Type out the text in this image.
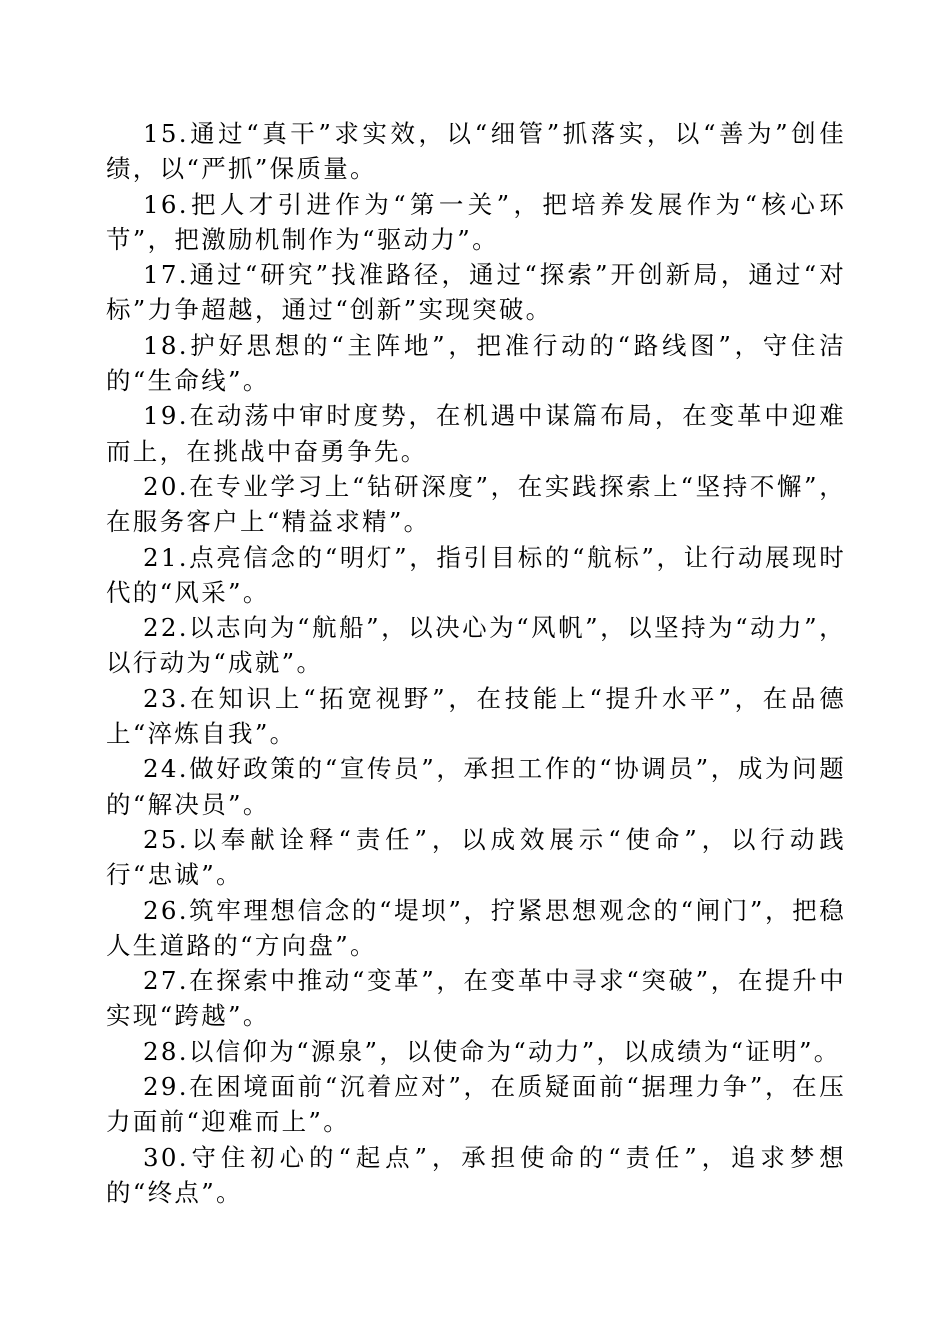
15.通过“真干”求实效，以“细管”抓落实，以“善为”创佳绩，以“严抓”保质量。

16.把人才引进作为“第一关”，把培养发展作为“核心环节”，把激励机制作为“驱动力”。

17.通过“研究”找准路径，通过“探索”开创新局，通过“对标”力争超越，通过“创新”实现突破。

18.护好思想的“主阵地”，把准行动的“路线图”，守住洁的“生命线”。

19.在动荡中审时度势，在机遇中谋篇布局，在变革中迎难而上，在挑战中奋勇争先。

20.在专业学习上“钻研深度”，在实践探索上“坚持不懈”，在服务客户上“精益求精”。

21.点亮信念的“明灯”，指引目标的“航标”，让行动展现时代的“风采”。

22.以志向为“航船”，以决心为“风帆”，以坚持为“动力”，以行动为“成就”。

23.在知识上“拓宽视野”，在技能上“提升水平”，在品德上“淬炼自我”。

24.做好政策的“宣传员”，承担工作的“协调员”，成为问题的“解决员”。

25.以奉献诠释“责任”，以成效展示“使命”，以行动践行“忠诚”。

26.筑牢理想信念的“堤坝”，拧紧思想观念的“闸门”，把稳人生道路的“方向盘”。

27.在探索中推动“变革”，在变革中寻求“突破”，在提升中实现“跨越”。

28.以信仰为“源泉”，以使命为“动力”，以成绩为“证明”。

29.在困境面前“沉着应对”，在质疑面前“据理力争”，在压力面前“迎难而上”。

30.守住初心的“起点”，承担使命的“责任”，追求梦想的“终点”。
